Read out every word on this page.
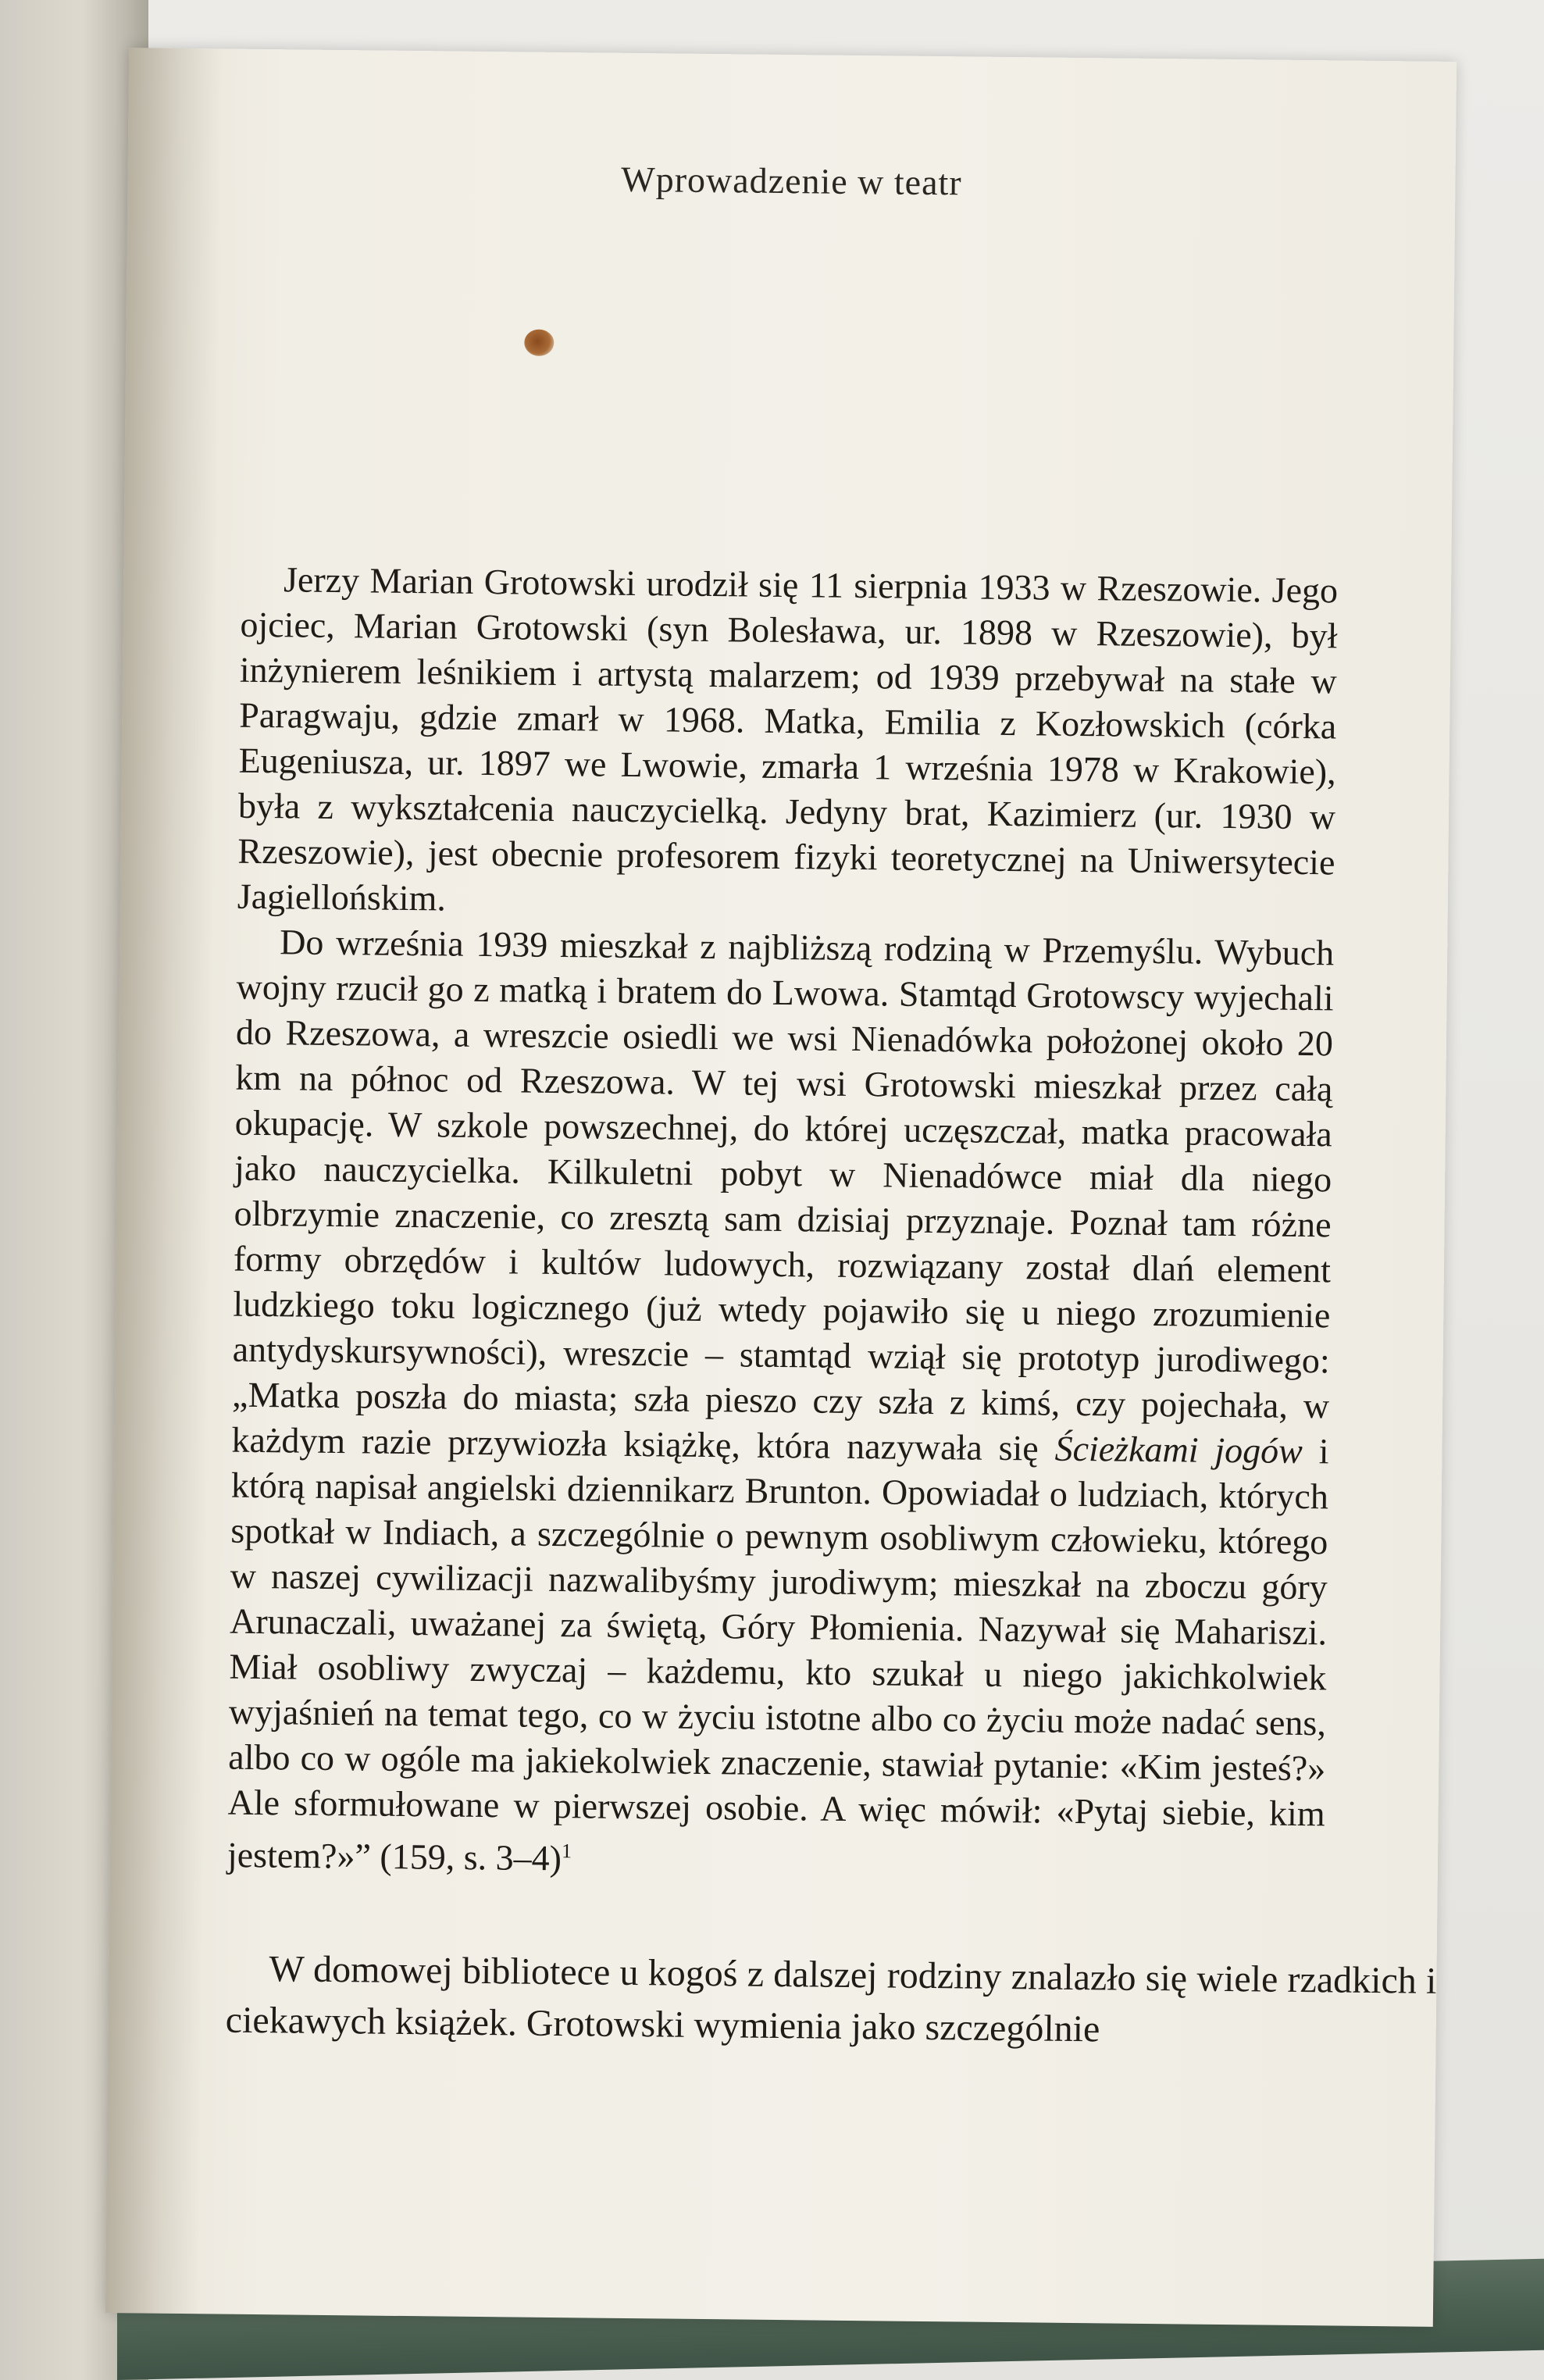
Wprowadzenie w teatr

Jerzy Marian Grotowski urodził się 11 sierpnia 1933 w Rzeszowie. Jego ojciec, Marian Grotowski (syn Bolesława, ur. 1898 w Rzeszowie), był inżynierem leśnikiem i artystą malarzem; od 1939 przebywał na stałe w Paragwaju, gdzie zmarł w 1968. Matka, Emilia z Kozłowskich (córka Eugeniusza, ur. 1897 we Lwowie, zmarła 1 września 1978 w Krakowie), była z wykształcenia nauczycielką. Jedyny brat, Kazimierz (ur. 1930 w Rzeszowie), jest obecnie profesorem fizyki teoretycznej na Uniwersytecie Jagiellońskim.

Do września 1939 mieszkał z najbliższą rodziną w Przemyślu. Wybuch wojny rzucił go z matką i bratem do Lwowa. Stamtąd Grotowscy wyjechali do Rzeszowa, a wreszcie osiedli we wsi Nienadówka położonej około 20 km na północ od Rzeszowa. W tej wsi Grotowski mieszkał przez całą okupację. W szkole powszechnej, do której uczęszczał, matka pracowała jako nauczycielka. Kilkuletni pobyt w Nienadówce miał dla niego olbrzymie znaczenie, co zresztą sam dzisiaj przyznaje. Poznał tam różne formy obrzędów i kultów ludowych, rozwiązany został dlań element ludzkiego toku logicznego (już wtedy pojawiło się u niego zrozumienie antydyskursywności), wreszcie – stamtąd wziął się prototyp jurodiwego:„Matka poszła do miasta; szła pieszo czy szła z kimś, czy pojechała, w każdym razie przywiozła książkę, która nazywała się Ścieżkami jogów i którą napisał angielski dziennikarz Brunton. Opowiadał o ludziach, których spotkał w Indiach, a szczególnie o pewnym osobliwym człowieku, którego w naszej cywilizacji nazwalibyśmy jurodiwym; mieszkał na zboczu góry Arunaczali, uważanej za świętą, Góry Płomienia. Nazywał się Mahariszi. Miał osobliwy zwyczaj – każdemu, kto szukał u niego jakichkolwiek wyjaśnień na temat tego, co w życiu istotne albo co życiu może nadać sens, albo co w ogóle ma jakiekolwiek znaczenie, stawiał pytanie: «Kim jesteś?» Ale sformułowane w pierwszej osobie. A więc mówił: «Pytaj siebie, kim jestem?»” (159, s. 3–4)$^1$

W domowej bibliotece u kogoś z dalszej rodziny znalazło się wiele rzadkich i ciekawych książek. Grotowski wymienia jako szczególnie
